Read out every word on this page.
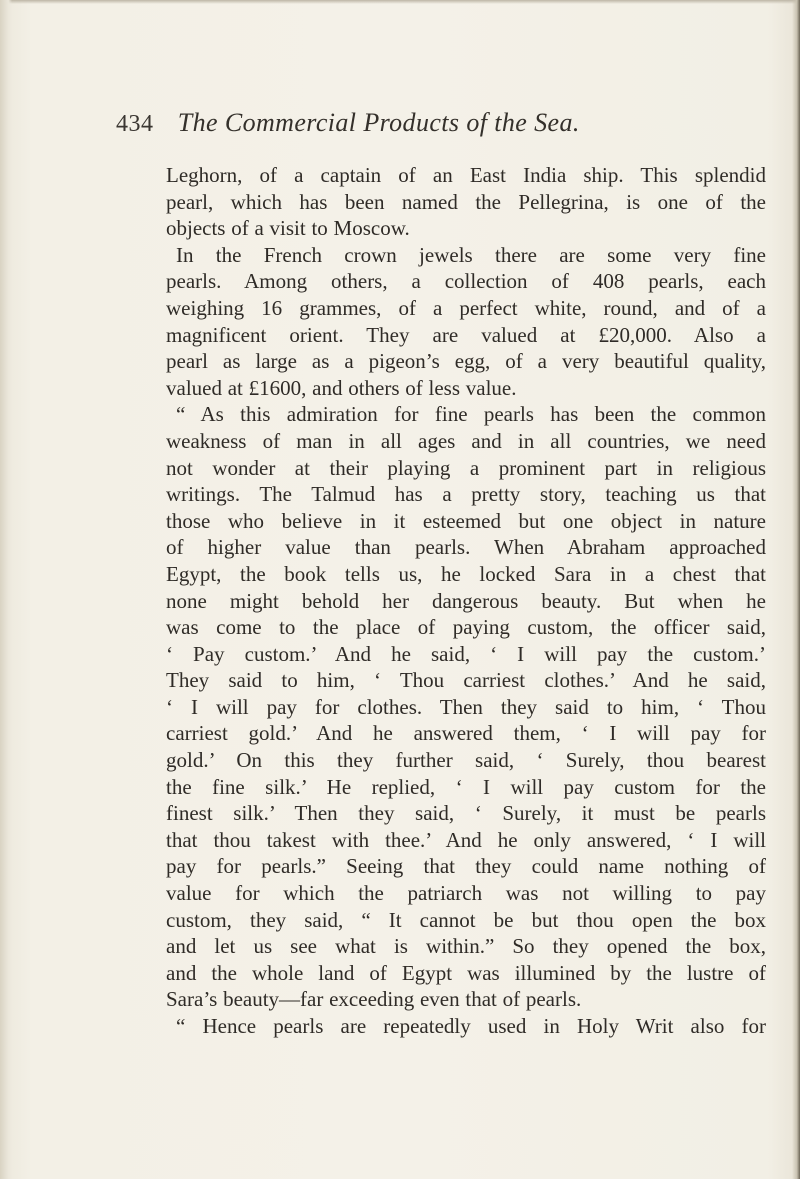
434 The Commercial Products of the Sea.
Leghorn, of a captain of an East India ship. This splendid
pearl, which has been named the Pellegrina, is one of the
objects of a visit to Moscow.
In the French crown jewels there are some very fine
pearls. Among others, a collection of 408 pearls, each
weighing 16 grammes, of a perfect white, round, and of a
magnificent orient. They are valued at £20,000. Also a
pearl as large as a pigeon’s egg, of a very beautiful quality,
valued at £1600, and others of less value.
“ As this admiration for fine pearls has been the common
weakness of man in all ages and in all countries, we need
not wonder at their playing a prominent part in religious
writings. The Talmud has a pretty story, teaching us that
those who believe in it esteemed but one object in nature
of higher value than pearls. When Abraham approached
Egypt, the book tells us, he locked Sara in a chest that
none might behold her dangerous beauty. But when he
was come to the place of paying custom, the officer said,
‘ Pay custom.’ And he said, ‘ I will pay the custom.’
They said to him, ‘ Thou carriest clothes.’ And he said,
‘ I will pay for clothes. Then they said to him, ‘ Thou
carriest gold.’ And he answered them, ‘ I will pay for
gold.’ On this they further said, ‘ Surely, thou bearest
the fine silk.’ He replied, ‘ I will pay custom for the
finest silk.’ Then they said, ‘ Surely, it must be pearls
that thou takest with thee.’ And he only answered, ‘ I will
pay for pearls.” Seeing that they could name nothing of
value for which the patriarch was not willing to pay
custom, they said, “ It cannot be but thou open the box
and let us see what is within.” So they opened the box,
and the whole land of Egypt was illumined by the lustre of
Sara’s beauty—far exceeding even that of pearls.
“ Hence pearls are repeatedly used in Holy Writ also for
